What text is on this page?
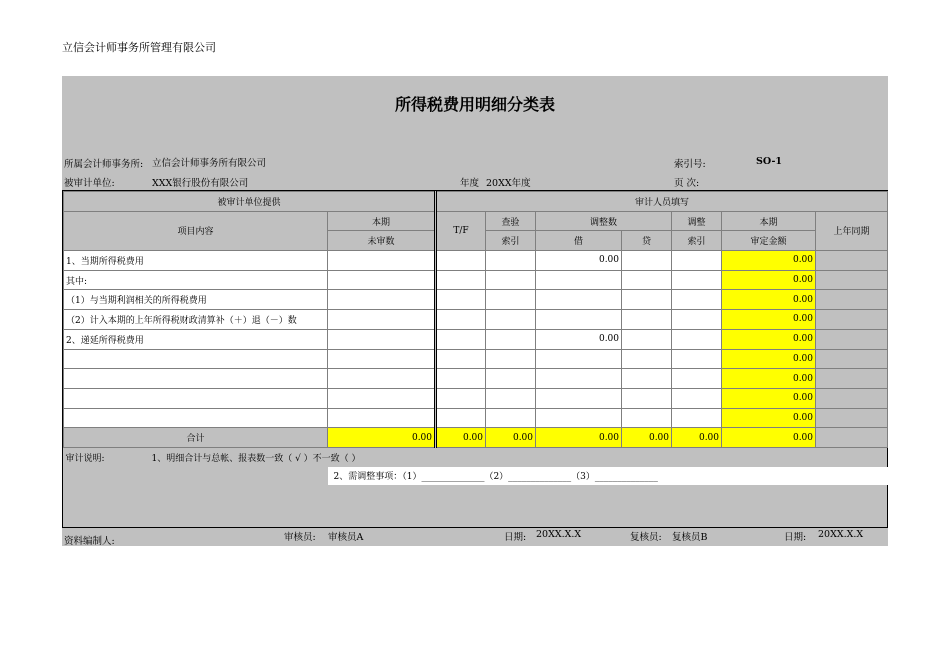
立信会计师事务所管理有限公司
所得税费用明细分类表
所属会计师事务所: 立信会计师事务所有限公司	索引号:	SO-1
被审计单位:	XXX银行股份有限公司	年度 20XX年度	页 次:
被审计单位提供		审计人员填写						
项目内容	本期	T/F	查验	调整数		调整	本期	上年同期
	未审数		索引	借	贷	索引	审定金额	
1、当期所得税费用				0.00			0.00	
其中:							0.00	
（1）与当期利润相关的所得税费用							0.00	
（2）计入本期的上年所得税财政清算补（＋）退（－）数							0.00	
2、递延所得税费用				0.00			0.00	
							0.00	
							0.00	
							0.00	
							0.00	
合计	0.00	0.00	0.00	0.00	0.00	0.00	0.00	

审计说明: 1、明细合计与总帐、报表数一致（ √ ）不一致（ ）								

	2、需调整事项：（1）______________（2）______________（3）______________							
资料编制人:	审核员: 审核员A	日期: 20XX.X.X	复核员: 复核员B	日期: 20XX.X.X
